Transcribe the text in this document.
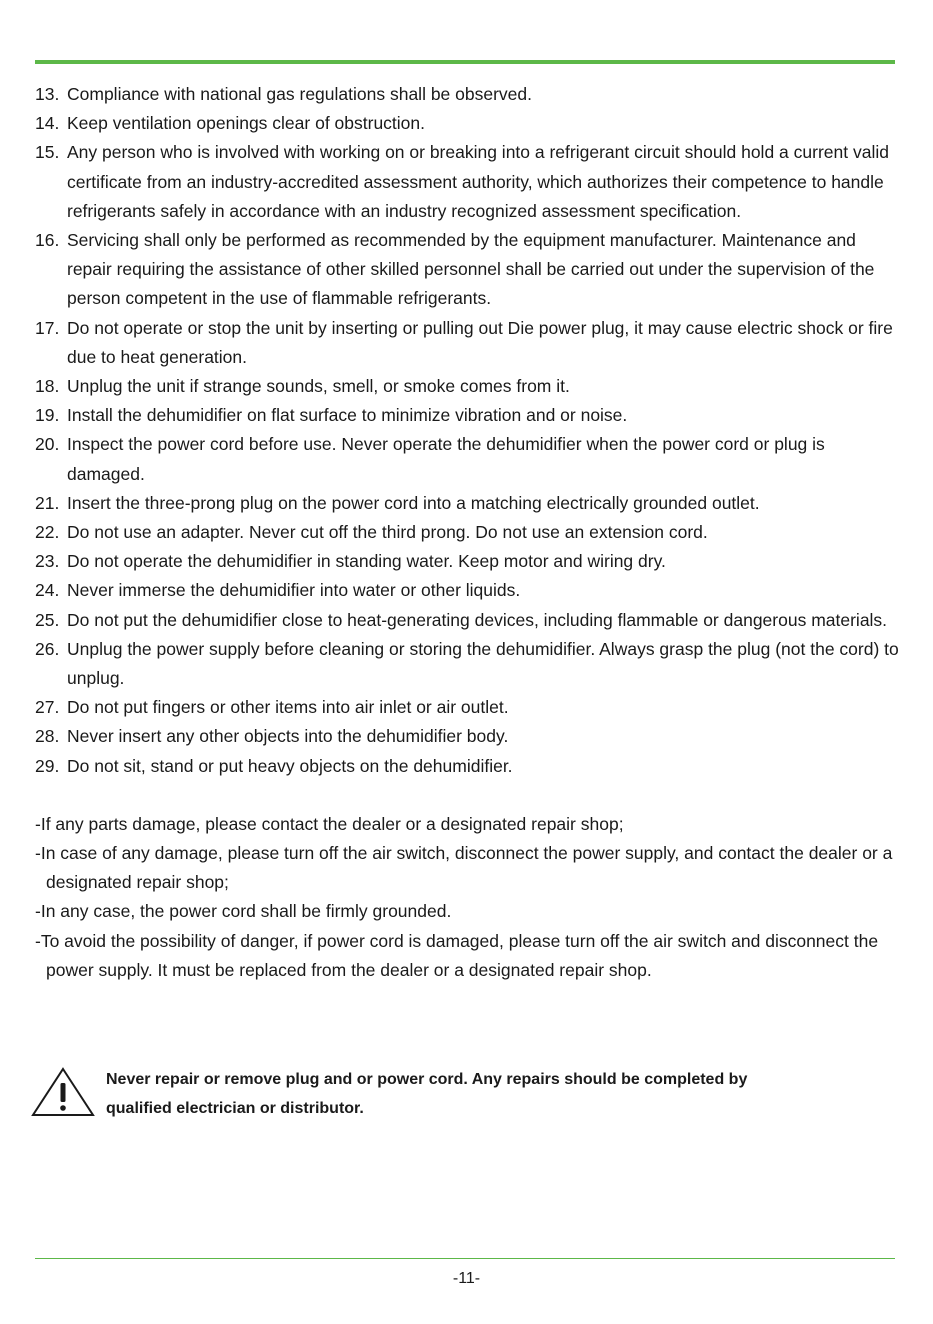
13. Compliance with national gas regulations shall be observed.
14. Keep ventilation openings clear of obstruction.
15. Any person who is involved with working on or breaking into a refrigerant circuit should hold a current valid certificate from an industry-accredited assessment authority, which authorizes their competence to handle refrigerants safely in accordance with an industry recognized assessment specification.
16. Servicing shall only be performed as recommended by the equipment manufacturer. Maintenance and repair requiring the assistance of other skilled personnel shall be carried out under the supervision of the person competent in the use of flammable refrigerants.
17. Do not operate or stop the unit by inserting or pulling out Die power plug, it may cause electric shock or fire due to heat generation.
18. Unplug the unit if strange sounds, smell, or smoke comes from it.
19. Install the dehumidifier on flat surface to minimize vibration and or noise.
20. Inspect the power cord before use. Never operate the dehumidifier when the power cord or plug is damaged.
21. Insert the three-prong plug on the power cord into a matching electrically grounded outlet.
22. Do not use an adapter. Never cut off the third prong. Do not use an extension cord.
23. Do not operate the dehumidifier in standing water. Keep motor and wiring dry.
24. Never immerse the dehumidifier into water or other liquids.
25. Do not put the dehumidifier close to heat-generating devices, including flammable or dangerous materials.
26. Unplug the power supply before cleaning or storing the dehumidifier. Always grasp the plug (not the cord) to unplug.
27. Do not put fingers or other items into air inlet or air outlet.
28. Never insert any other objects into the dehumidifier body.
29. Do not sit, stand or put heavy objects on the dehumidifier.
-If any parts damage, please contact the dealer or a designated repair shop;
-In case of any damage, please turn off the air switch, disconnect the power supply, and contact the dealer or a designated repair shop;
-In any case, the power cord shall be firmly grounded.
-To avoid the possibility of danger, if power cord is damaged, please turn off the air switch and disconnect the power supply. It must be replaced from the dealer or a designated repair shop.
Never repair or remove plug and or power cord. Any repairs should be completed by
qualified electrician or distributor.
-11-
